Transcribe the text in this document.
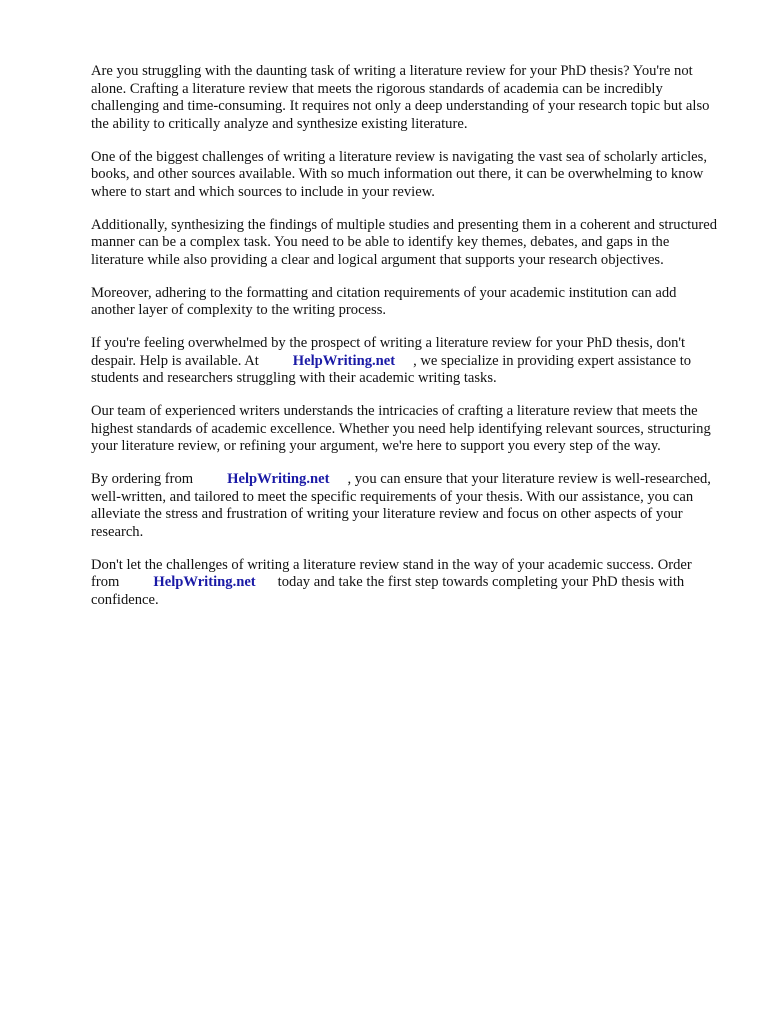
Are you struggling with the daunting task of writing a literature review for your PhD thesis? You're not alone. Crafting a literature review that meets the rigorous standards of academia can be incredibly challenging and time-consuming. It requires not only a deep understanding of your research topic but also the ability to critically analyze and synthesize existing literature.

One of the biggest challenges of writing a literature review is navigating the vast sea of scholarly articles, books, and other sources available. With so much information out there, it can be overwhelming to know where to start and which sources to include in your review.

Additionally, synthesizing the findings of multiple studies and presenting them in a coherent and structured manner can be a complex task. You need to be able to identify key themes, debates, and gaps in the literature while also providing a clear and logical argument that supports your research objectives.

Moreover, adhering to the formatting and citation requirements of your academic institution can add another layer of complexity to the writing process.

If you're feeling overwhelmed by the prospect of writing a literature review for your PhD thesis, don't despair. Help is available. At HelpWriting.net , we specialize in providing expert assistance to students and researchers struggling with their academic writing tasks.

Our team of experienced writers understands the intricacies of crafting a literature review that meets the highest standards of academic excellence. Whether you need help identifying relevant sources, structuring your literature review, or refining your argument, we're here to support you every step of the way.

By ordering from HelpWriting.net , you can ensure that your literature review is well-researched, well-written, and tailored to meet the specific requirements of your thesis. With our assistance, you can alleviate the stress and frustration of writing your literature review and focus on other aspects of your research.

Don't let the challenges of writing a literature review stand in the way of your academic success. Order from HelpWriting.net today and take the first step towards completing your PhD thesis with confidence.
